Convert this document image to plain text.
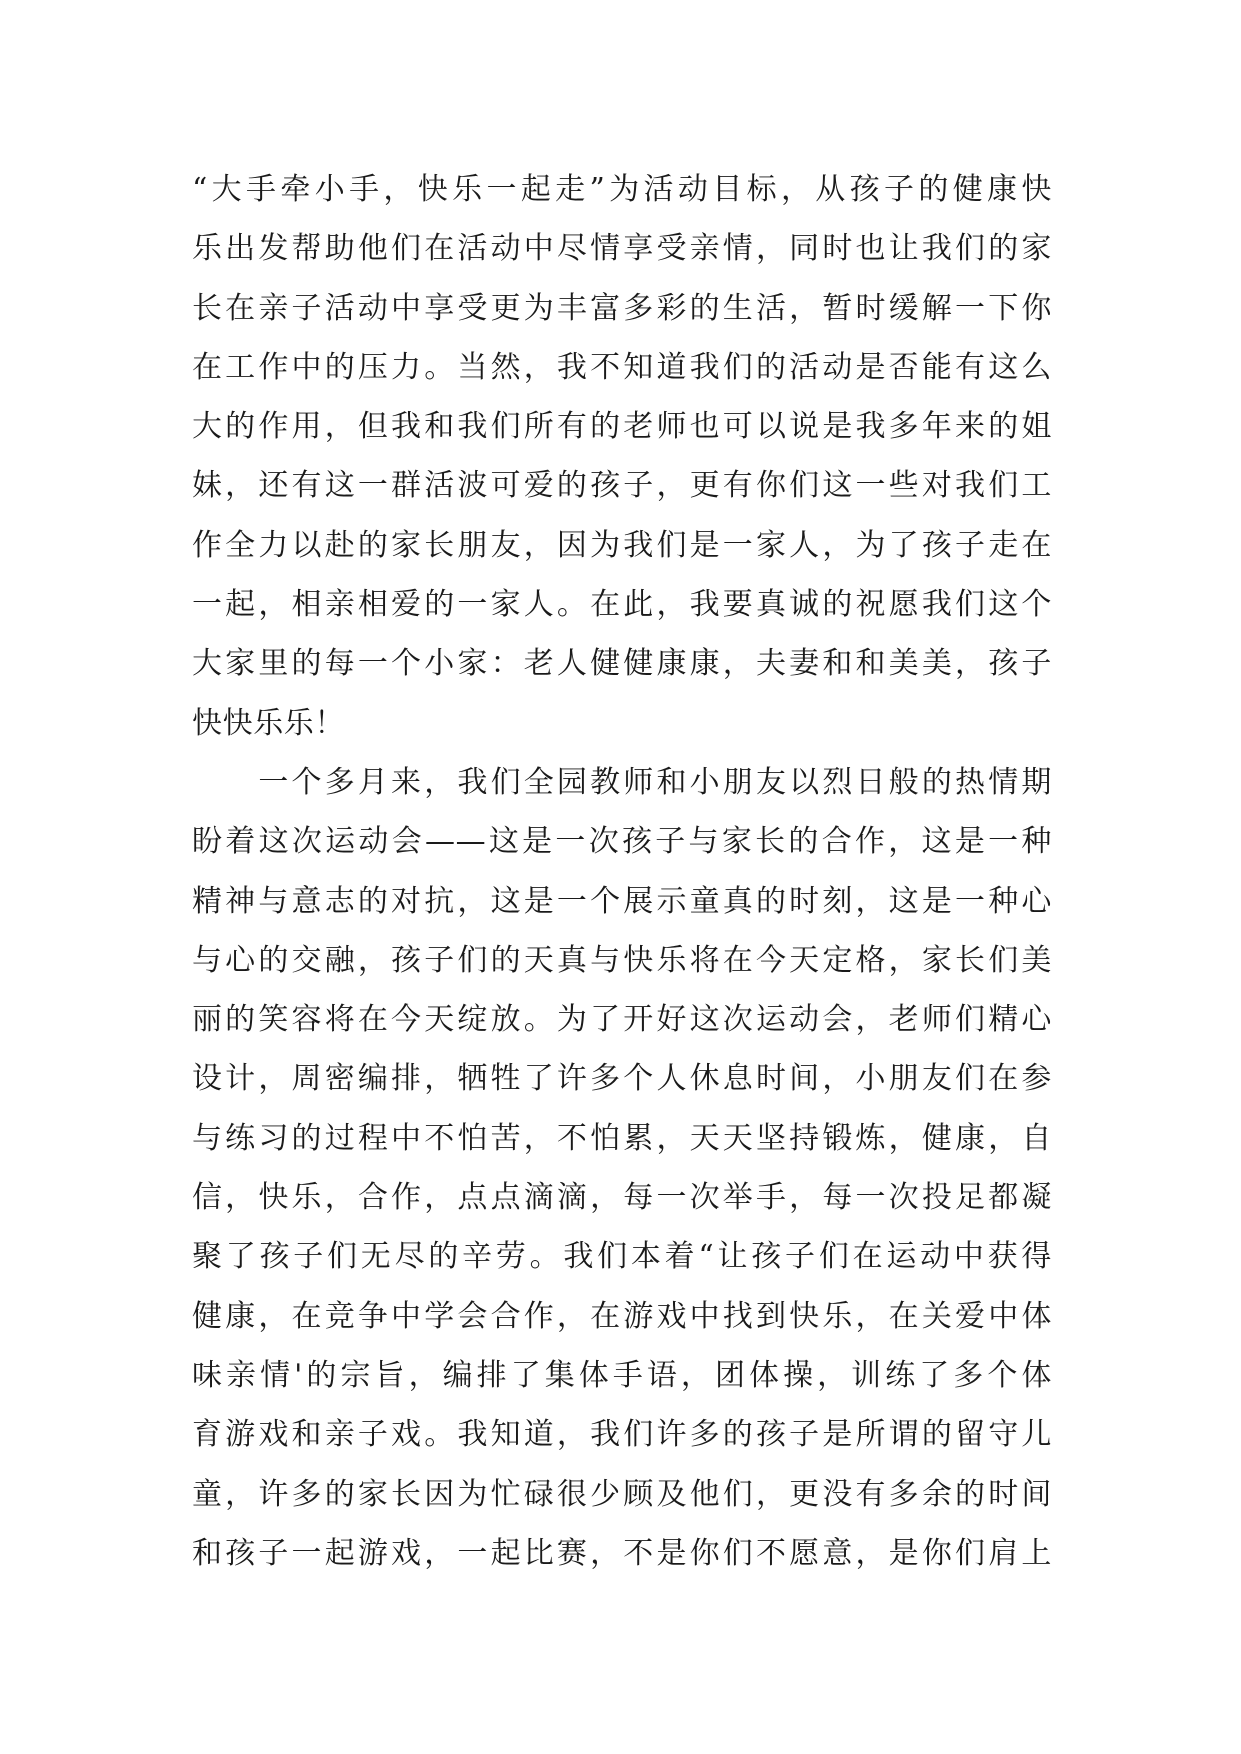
“大手牵小手，快乐一起走”为活动目标，从孩子的健康快
乐出发帮助他们在活动中尽情享受亲情，同时也让我们的家
长在亲子活动中享受更为丰富多彩的生活，暂时缓解一下你
在工作中的压力。当然，我不知道我们的活动是否能有这么
大的作用，但我和我们所有的老师也可以说是我多年来的姐
妹，还有这一群活波可爱的孩子，更有你们这一些对我们工
作全力以赴的家长朋友，因为我们是一家人，为了孩子走在
一起，相亲相爱的一家人。在此，我要真诚的祝愿我们这个
大家里的每一个小家：老人健健康康，夫妻和和美美，孩子
快快乐乐！
　　一个多月来，我们全园教师和小朋友以烈日般的热情期
盼着这次运动会——这是一次孩子与家长的合作，这是一种
精神与意志的对抗，这是一个展示童真的时刻，这是一种心
与心的交融，孩子们的天真与快乐将在今天定格，家长们美
丽的笑容将在今天绽放。为了开好这次运动会，老师们精心
设计，周密编排，牺牲了许多个人休息时间，小朋友们在参
与练习的过程中不怕苦，不怕累，天天坚持锻炼，健康，自
信，快乐，合作，点点滴滴，每一次举手，每一次投足都凝
聚了孩子们无尽的辛劳。我们本着“让孩子们在运动中获得
健康，在竞争中学会合作，在游戏中找到快乐，在关爱中体
味亲情'的宗旨，编排了集体手语，团体操，训练了多个体
育游戏和亲子戏。我知道，我们许多的孩子是所谓的留守儿
童，许多的家长因为忙碌很少顾及他们，更没有多余的时间
和孩子一起游戏，一起比赛，不是你们不愿意，是你们肩上
